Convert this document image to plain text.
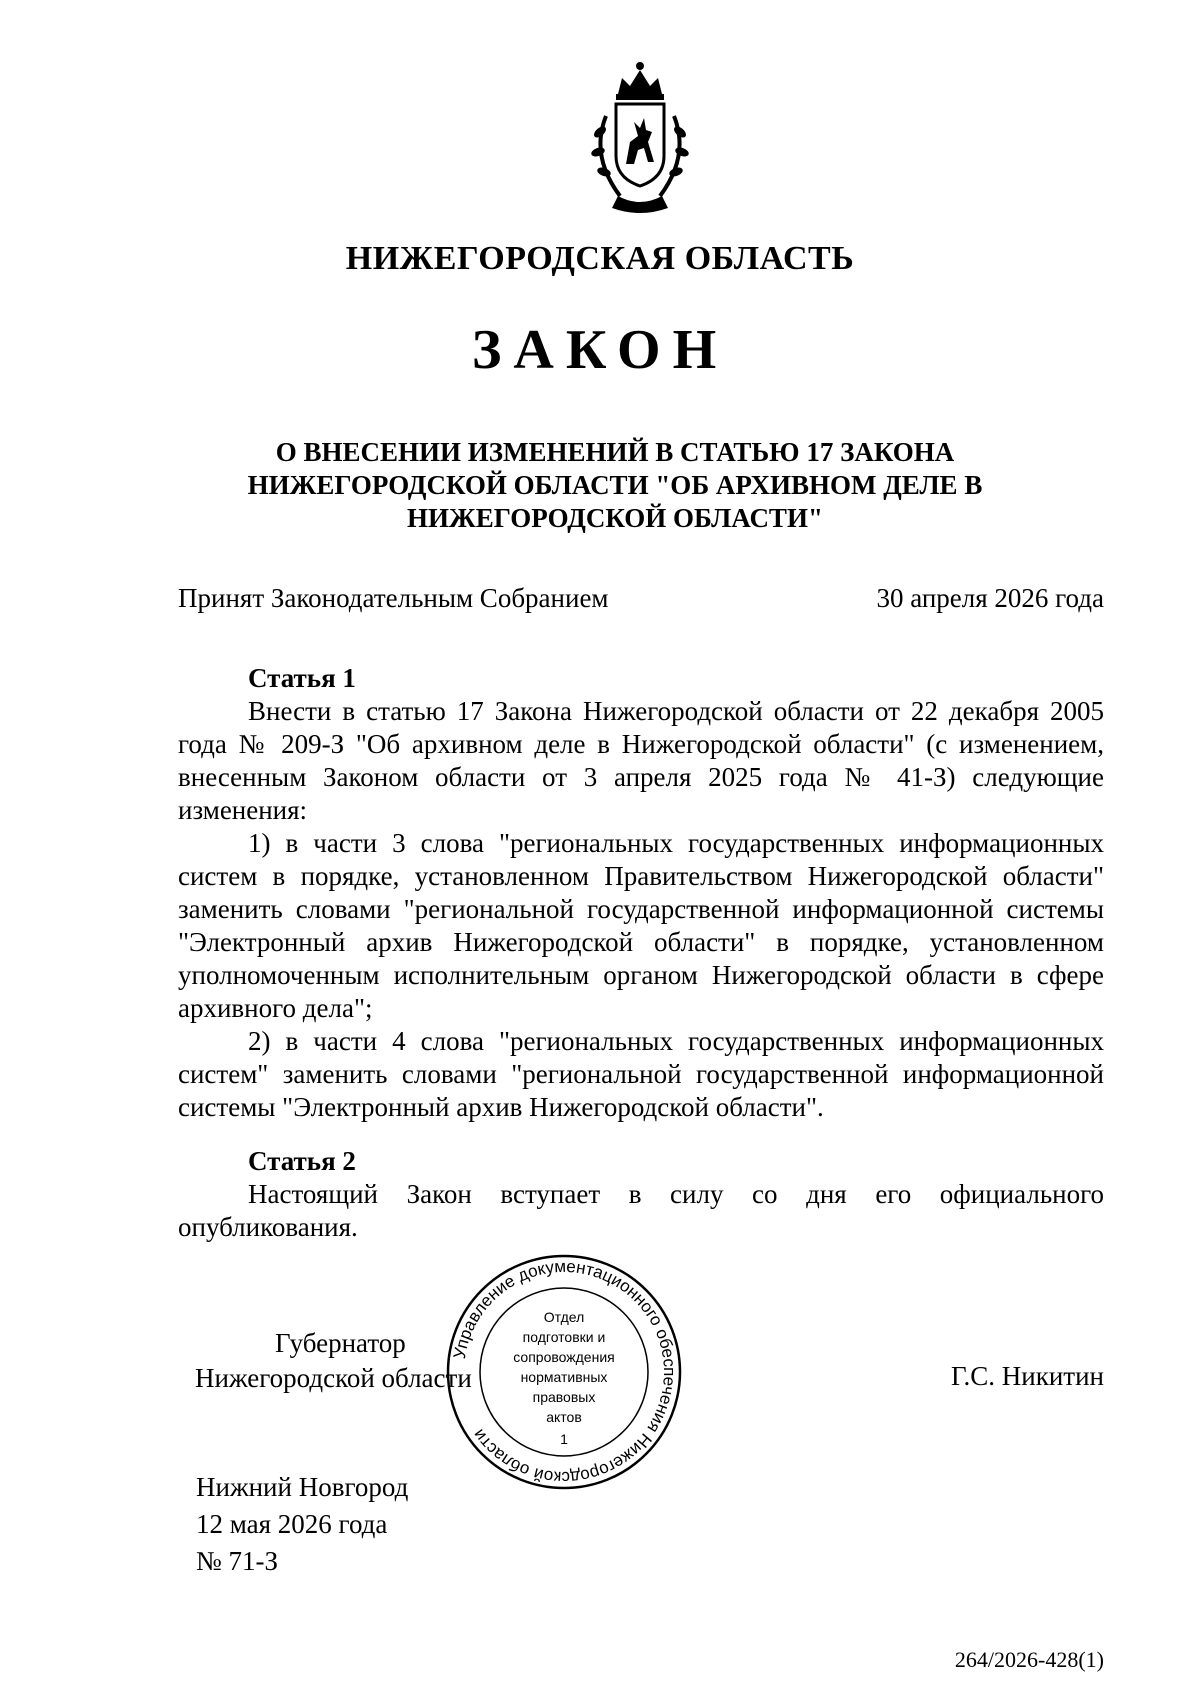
НИЖЕГОРОДСКАЯ ОБЛАСТЬ
ЗАКОН
О ВНЕСЕНИИ ИЗМЕНЕНИЙ В СТАТЬЮ 17 ЗАКОНА
НИЖЕГОРОДСКОЙ ОБЛАСТИ "ОБ АРХИВНОМ ДЕЛЕ В
НИЖЕГОРОДСКОЙ ОБЛАСТИ"
Принят Законодательным Собранием	30 апреля 2026 года

Статья 1

Внести в статью 17 Закона Нижегородской области от 22 декабря 2005 года № 209-З "Об архивном деле в Нижегородской области" (с изменением, внесенным Законом области от 3 апреля 2025 года № 41-З) следующие изменения:

1) в части 3 слова "региональных государственных информационных систем в порядке, установленном Правительством Нижегородской области" заменить словами "региональной государственной информационной системы "Электронный архив Нижегородской области" в порядке, установленном уполномоченным исполнительным органом Нижегородской области в сфере архивного дела";

2) в части 4 слова "региональных государственных информационных систем" заменить словами "региональной государственной информационной системы "Электронный архив Нижегородской области".

Статья 2

Настоящий Закон вступает в силу со дня его официального опубликования.

Губернатор
Нижегородской области	Г.С. Никитин
Управление документационного обеспечения Нижегородской области
Отдел
подготовки и
сопровождения
нормативных
правовых
актов
1
Нижний Новгород
12 мая 2026 года
№ 71-З
264/2026-428(1)
